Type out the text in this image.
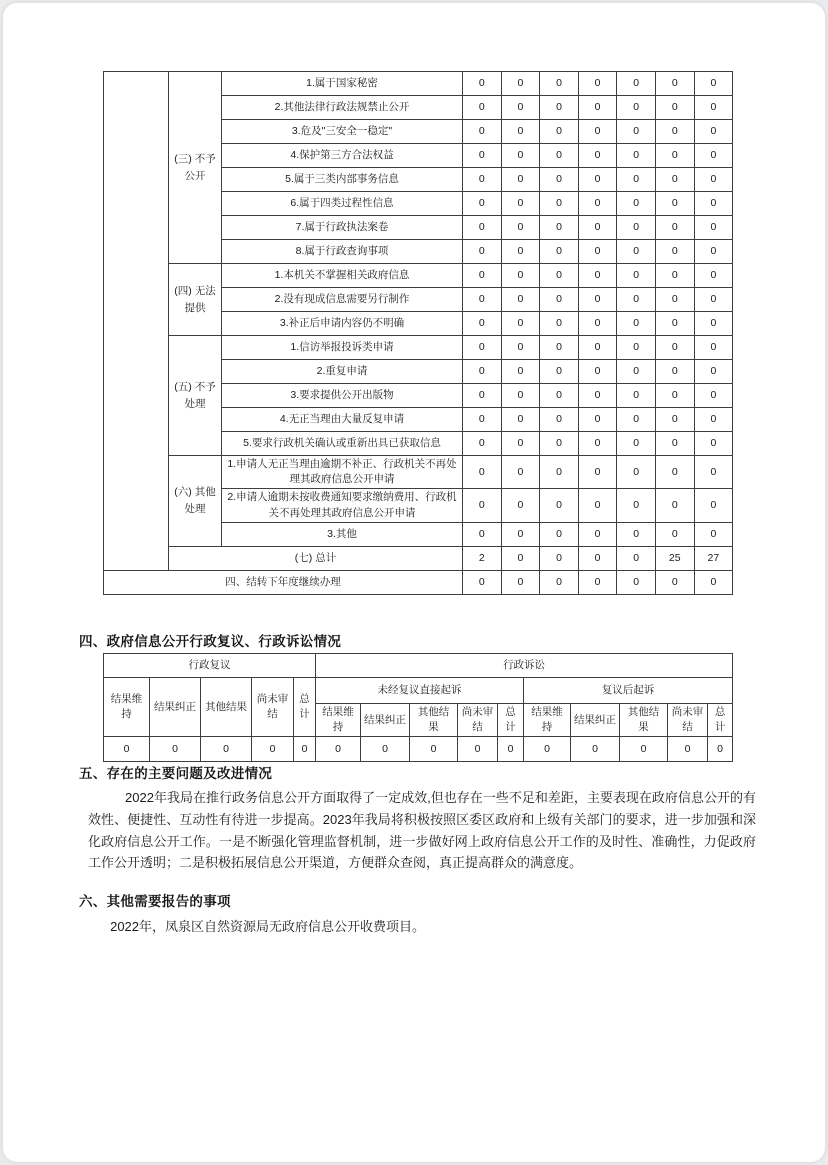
	(三) 不予公开	1.属于国家秘密	0	0	0	0	0	0	0
		2.其他法律行政法规禁止公开	0	0	0	0	0	0	0
		3.危及"三安全一稳定"	0	0	0	0	0	0	0
		4.保护第三方合法权益	0	0	0	0	0	0	0
		5.属于三类内部事务信息	0	0	0	0	0	0	0
		6.属于四类过程性信息	0	0	0	0	0	0	0
		7.属于行政执法案卷	0	0	0	0	0	0	0
		8.属于行政查询事项	0	0	0	0	0	0	0
	(四) 无法提供	1.本机关不掌握相关政府信息	0	0	0	0	0	0	0
		2.没有现成信息需要另行制作	0	0	0	0	0	0	0
		3.补正后申请内容仍不明确	0	0	0	0	0	0	0
	(五) 不予处理	1.信访举报投诉类申请	0	0	0	0	0	0	0
		2.重复申请	0	0	0	0	0	0	0
		3.要求提供公开出版物	0	0	0	0	0	0	0
		4.无正当理由大量反复申请	0	0	0	0	0	0	0
		5.要求行政机关确认或重新出具已获取信息	0	0	0	0	0	0	0
	(六) 其他处理	1.申请人无正当理由逾期不补正、行政机关不再处理其政府信息公开申请	0	0	0	0	0	0	0
		2.申请人逾期未按收费通知要求缴纳费用、行政机关不再处理其政府信息公开申请	0	0	0	0	0	0	0
		3.其他	0	0	0	0	0	0	0
	(七) 总计		2	0	0	0	0	25	27
四、结转下年度继续办理			0	0	0	0	0	0	0
四、政府信息公开行政复议、行政诉讼情况
行政复议					行政诉讼									
结果维持	结果纠正	其他结果	尚未审结	总计	未经复议直接起诉					复议后起诉				
					结果维持	结果纠正	其他结果	尚未审结	总计	结果维持	结果纠正	其他结果	尚未审结	总计
0	0	0	0	0	0	0	0	0	0	0	0	0	0	0
五、存在的主要问题及改进情况
2022年我局在推行政务信息公开方面取得了一定成效,但也存在一些不足和差距，主要表现在政府信息公开的有效性、便捷性、互动性有待进一步提高。2023年我局将积极按照区委区政府和上级有关部门的要求，进一步加强和深化政府信息公开工作。一是不断强化管理监督机制，进一步做好网上政府信息公开工作的及时性、准确性，力促政府工作公开透明；二是积极拓展信息公开渠道，方便群众查阅，真正提高群众的满意度。
六、其他需要报告的事项
2022年，凤泉区自然资源局无政府信息公开收费项目。
